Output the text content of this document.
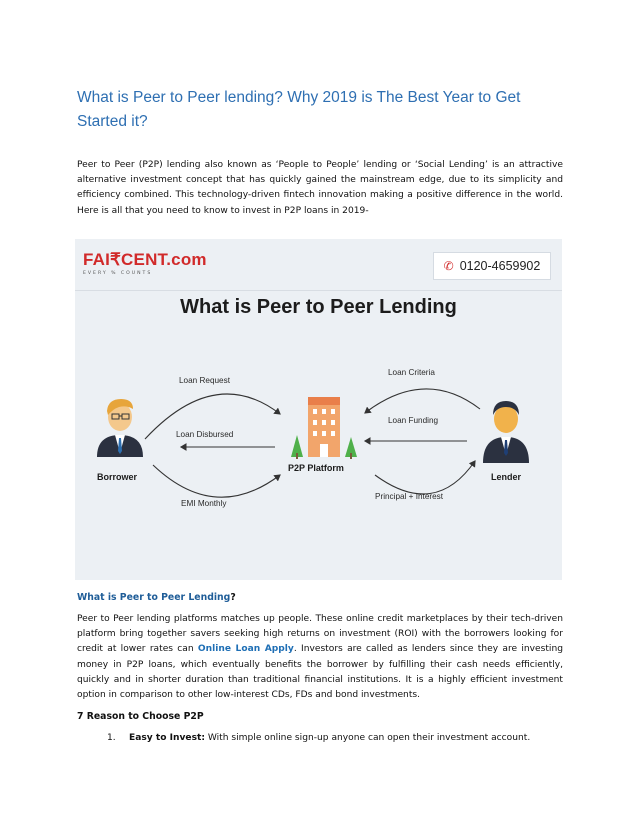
What is Peer to Peer lending? Why 2019 is The Best Year to Get Started it?
Peer to Peer (P2P) lending also known as ‘People to People’ lending or ‘Social Lending’ is an attractive alternative investment concept that has quickly gained the mainstream edge, due to its simplicity and efficiency combined. This technology-driven fintech innovation making a positive difference in the world. Here is all that you need to know to invest in P2P loans in 2019-
FAI₹CENT.com
EVERY % COUNTS
✆ 0120-4659902
What is Peer to Peer Lending
Loan Request
Loan Disbursed
EMI Monthly
Loan Criteria
Loan Funding
Principal + Interest
Borrower
P2P Platform
Lender
What is Peer to Peer Lending?
Peer to Peer lending platforms matches up people. These online credit marketplaces by their tech-driven platform bring together savers seeking high returns on investment (ROI) with the borrowers looking for credit at lower rates can Online Loan Apply. Investors are called as lenders since they are investing money in P2P loans, which eventually benefits the borrower by fulfilling their cash needs efficiently, quickly and in shorter duration than traditional financial institutions. It is a highly efficient investment option in comparison to other low-interest CDs, FDs and bond investments.
7 Reason to Choose P2P
1. Easy to Invest: With simple online sign-up anyone can open their investment account.
